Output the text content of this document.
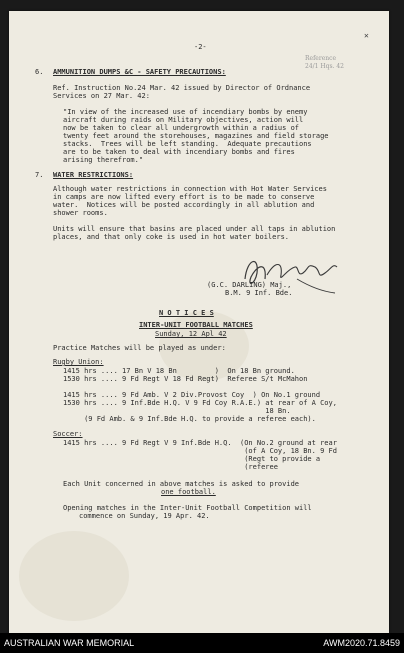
-2-
Reference
24/1 Hqs. 42
✕
6. AMMUNITION DUMPS &C - SAFETY PRECAUTIONS:
Ref. Instruction No.24 Mar. 42 issued by Director of Ordnance
Services on 27 Mar. 42:
"In view of the increased use of incendiary bombs by enemy
aircraft during raids on Military objectives, action will
now be taken to clear all undergrowth within a radius of
twenty feet around the storehouses, magazines and field storage
stacks.  Trees will be left standing.  Adequate precautions
are to be taken to deal with incendiary bombs and fires
arising therefrom."
7. WATER RESTRICTIONS:
Although water restrictions in connection with Hot Water Services
in camps are now lifted every effort is to be made to conserve
water.  Notices will be posted accordingly in all ablution and
shower rooms.
Units will ensure that basins are placed under all taps in ablution
places, and that only coke is used in hot water boilers.
(G.C. DARLING) Maj.,
B.M. 9 Inf. Bde.
N O T I C E S
INTER-UNIT FOOTBALL MATCHES
Sunday, 12 Apl 42
Practice Matches will be played as under:
Rugby Union:
1415 hrs .... 17 Bn V 18 Bn         )  On 18 Bn ground.
1530 hrs .... 9 Fd Regt V 18 Fd Regt)  Referee S/t McMahon
1415 hrs .... 9 Fd Amb. V 2 Div.Provost Coy  ) On No.1 ground
1530 hrs .... 9 Inf.Bde H.Q. V 9 Fd Coy R.A.E.) at rear of A Coy,
18 Bn.
(9 Fd Amb. & 9 Inf.Bde H.Q. to provide a referee each).
Soccer:
1415 hrs .... 9 Fd Regt V 9 Inf.Bde H.Q.  (On No.2 ground at rear
(of A Coy, 18 Bn. 9 Fd
(Regt to provide a
(referee
Each Unit concerned in above matches is asked to provide
one football.
Opening matches in the Inter-Unit Football Competition will
commence on Sunday, 19 Apr. 42.
AUSTRALIAN WAR MEMORIAL	AWM2020.71.8459
